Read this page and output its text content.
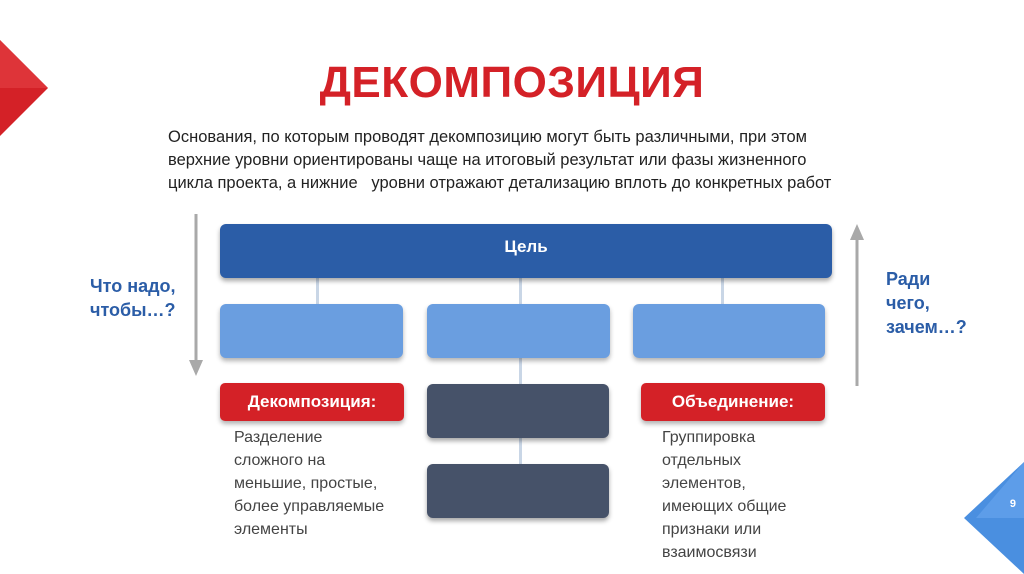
9
ДЕКОМПОЗИЦИЯ
Основания, по которым проводят декомпозицию могут быть различными, при этом
верхние уровни ориентированы чаще на итоговый результат или фазы жизненного
цикла проекта, а нижние   уровни отражают детализацию вплоть до конкретных работ
Цель
Декомпозиция:	Объединение:
Разделение
сложного на
меньшие, простые,
более управляемые
элементы
Группировка
отдельных
элементов,
имеющих общие
признаки или
взаимосвязи
Что надо,
чтобы…?
Ради
чего,
зачем…?
